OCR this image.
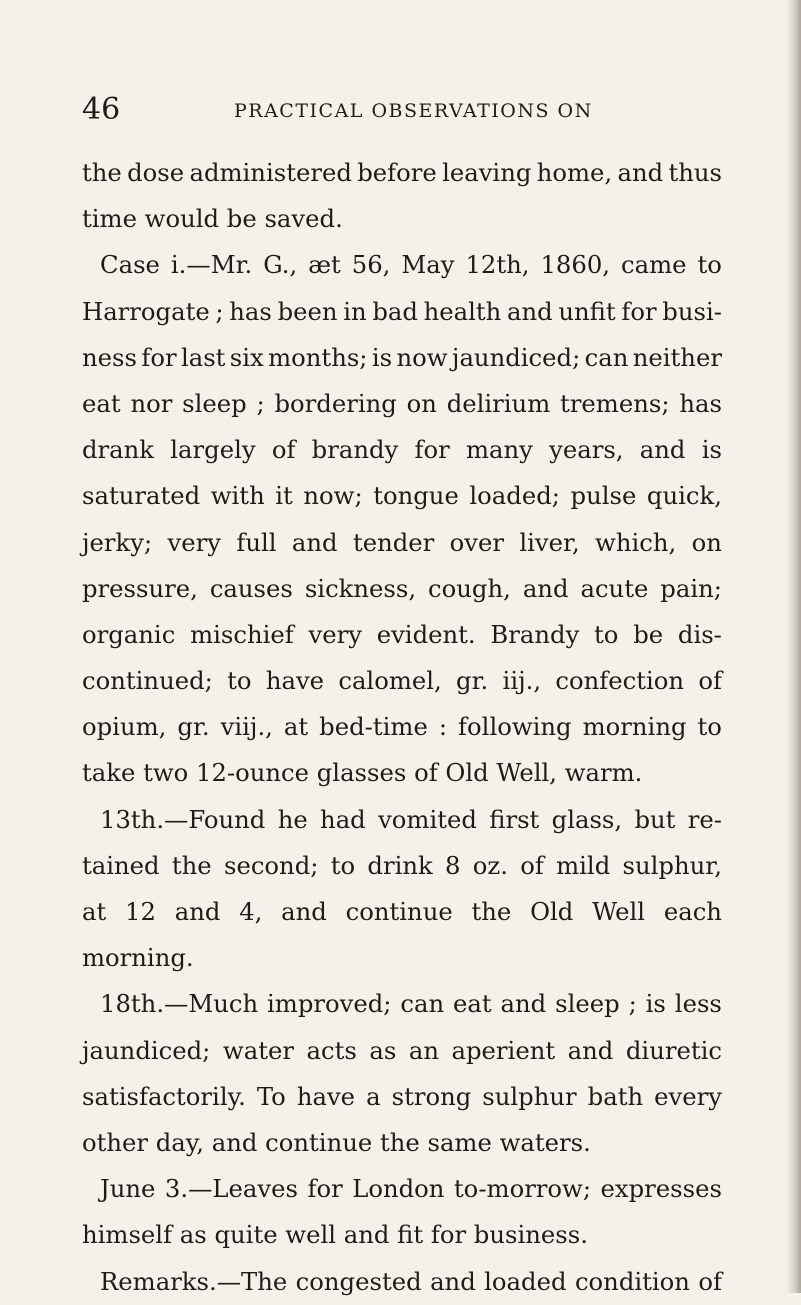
46	PRACTICAL OBSERVATIONS ON
the dose administered before leaving home, and thus
time would be saved.
Case i.—Mr. G., æt 56, May 12th, 1860, came to
Harrogate ; has been in bad health and unfit for busi-
ness for last six months; is now jaundiced; can neither
eat nor sleep ; bordering on delirium tremens; has
drank largely of brandy for many years, and is
saturated with it now; tongue loaded; pulse quick,
jerky; very full and tender over liver, which, on
pressure, causes sickness, cough, and acute pain;
organic mischief very evident. Brandy to be dis-
continued; to have calomel, gr. iij., confection of
opium, gr. viij., at bed-time : following morning to
take two 12-ounce glasses of Old Well, warm.
13th.—Found he had vomited first glass, but re-
tained the second; to drink 8 oz. of mild sulphur,
at 12 and 4, and continue the Old Well each
morning.
18th.—Much improved; can eat and sleep ; is less
jaundiced; water acts as an aperient and diuretic
satisfactorily. To have a strong sulphur bath every
other day, and continue the same waters.
June 3.—Leaves for London to-morrow; expresses
himself as quite well and fit for business.
Remarks.—The congested and loaded condition of
